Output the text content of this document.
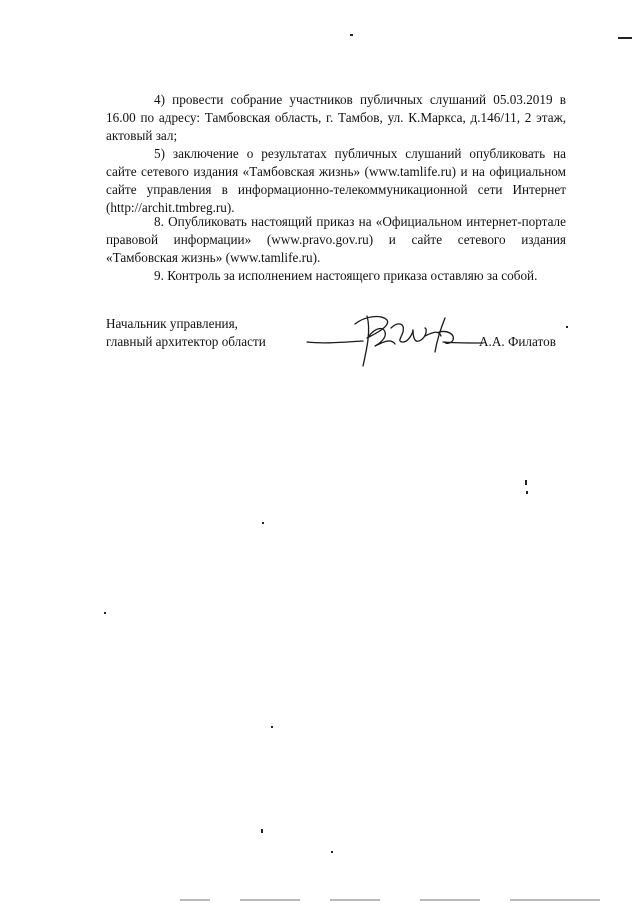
4) провести собрание участников публичных слушаний 05.03.2019 в 16.00 по адресу: Тамбовская область, г. Тамбов, ул. К.Маркса, д.146/11, 2 этаж, актовый зал;

5) заключение о результатах публичных слушаний опубликовать на сайте сетевого издания «Тамбовская жизнь» (www.tamlife.ru) и на официальном сайте управления в информационно-телекоммуникационной сети Интернет (http://archit.tmbreg.ru).

8. Опубликовать настоящий приказ на «Официальном интернет-портале правовой информации» (www.pravo.gov.ru) и сайте сетевого издания «Тамбовская жизнь» (www.tamlife.ru).

9. Контроль за исполнением настоящего приказа оставляю за собой.

Начальник управления,
главный архитектор области	А.А. Филатов
